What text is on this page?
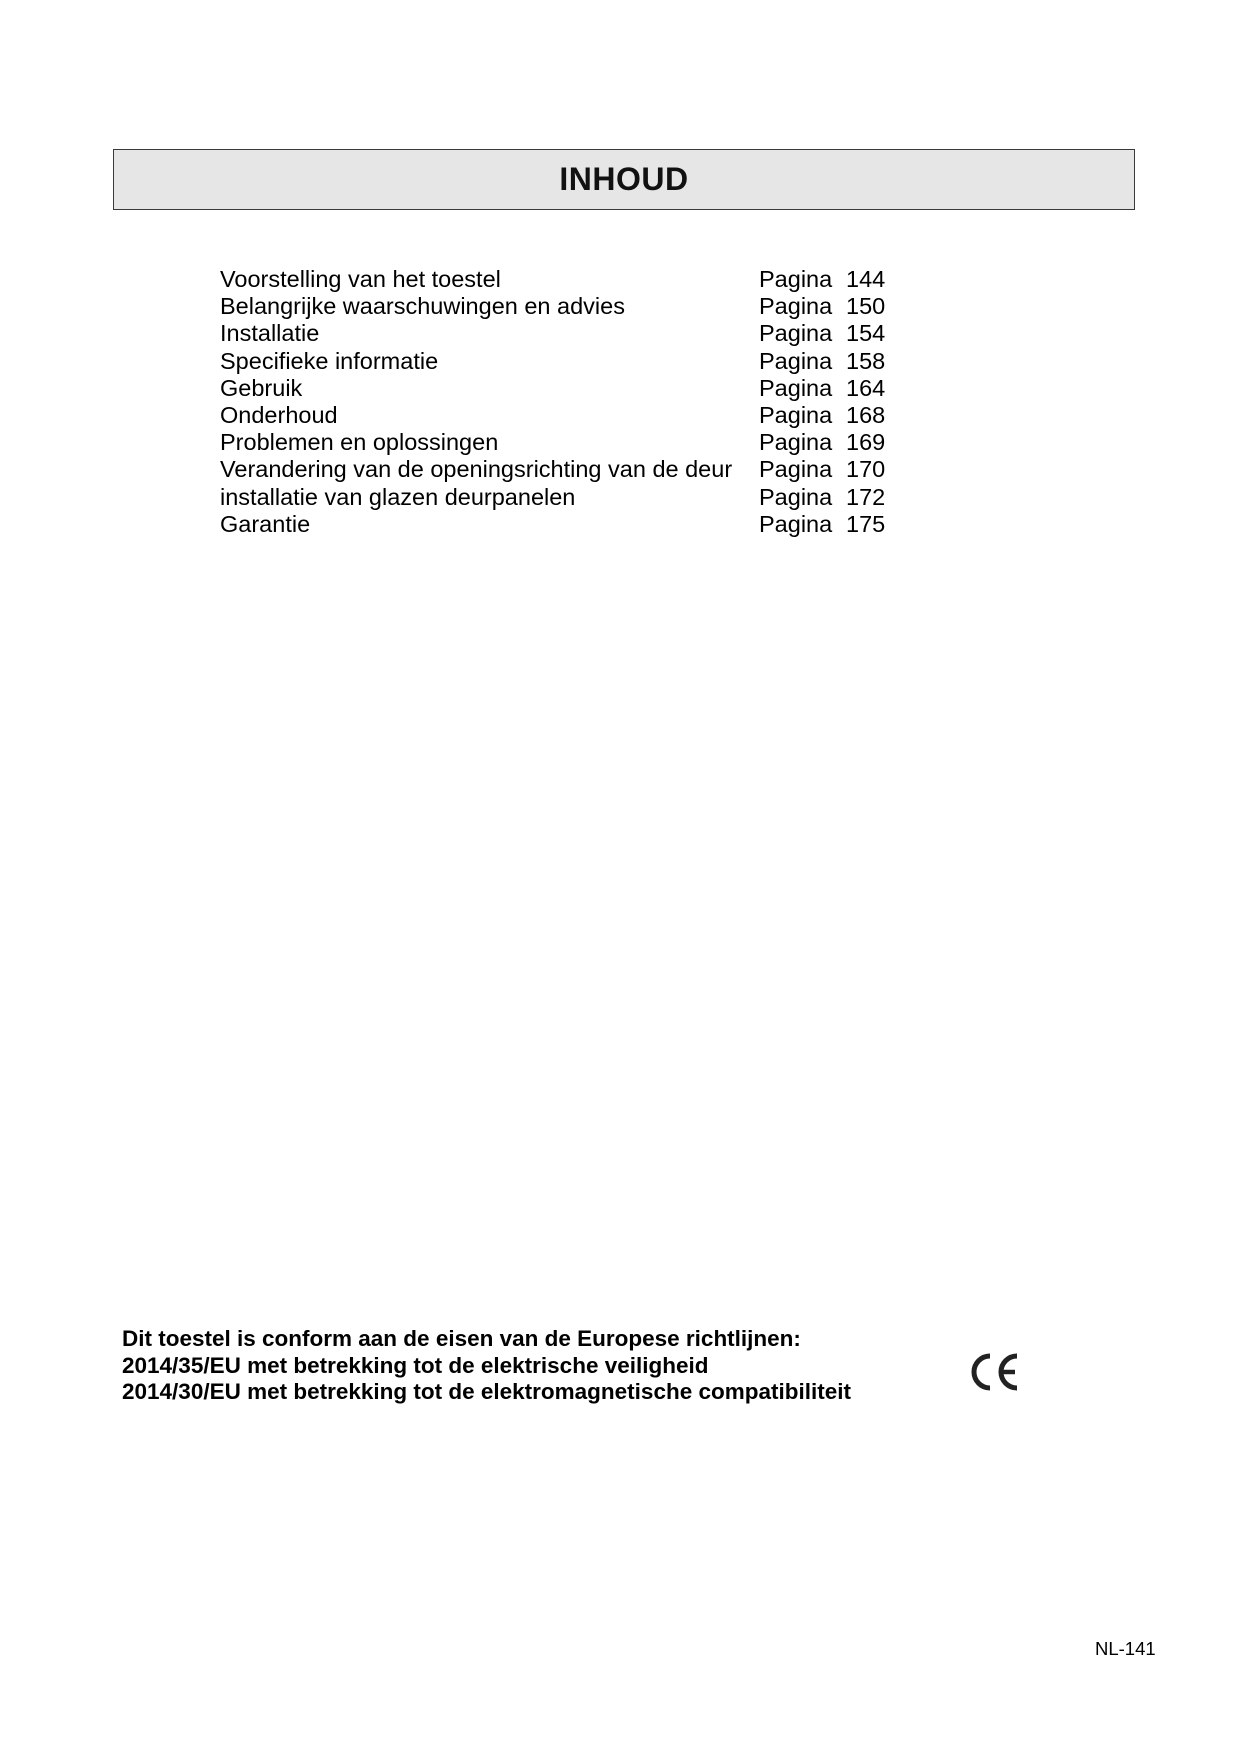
INHOUD
Voorstelling van het toestel	Pagina 144
Belangrijke waarschuwingen en advies	Pagina 150
Installatie	Pagina 154
Specifieke informatie	Pagina 158
Gebruik	Pagina 164
Onderhoud	Pagina 168
Problemen en oplossingen	Pagina 169
Verandering van de openingsrichting van de deur Pagina 170
installatie van glazen deurpanelen	Pagina 172
Garantie	Pagina 175
Dit toestel is conform aan de eisen van de Europese richtlijnen:
2014/35/EU met betrekking tot de elektrische veiligheid
2014/30/EU met betrekking tot de elektromagnetische compatibiliteit
NL-141
